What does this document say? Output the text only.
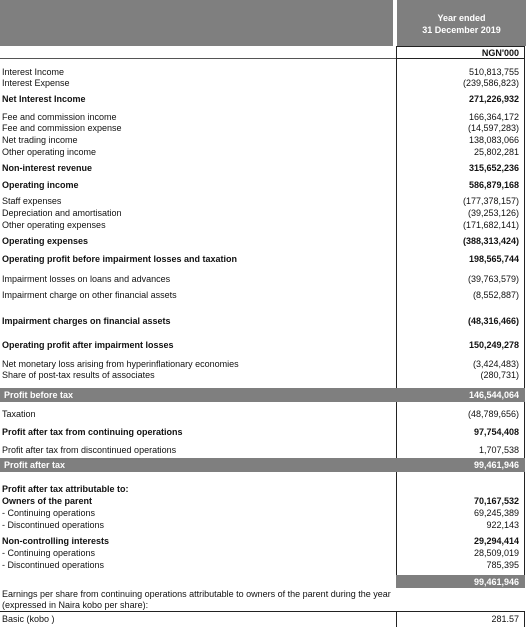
Year ended
31 December 2019
NGN'000
Interest Income	510,813,755
Interest Expense	(239,586,823)
Net Interest Income	271,226,932
Fee and commission income	166,364,172
Fee and commission expense	(14,597,283)
Net trading income	138,083,066
Other operating income	25,802,281
Non-interest revenue	315,652,236
Operating income	586,879,168
Staff expenses	(177,378,157)
Depreciation and amortisation	(39,253,126)
Other operating expenses	(171,682,141)
Operating expenses	(388,313,424)
Operating profit before impairment losses and taxation	198,565,744
Impairment losses on loans and advances	(39,763,579)
Impairment charge on other financial assets	(8,552,887)
Impairment charges on financial assets	(48,316,466)
Operating profit after impairment losses	150,249,278
Net monetary loss arising from hyperinflationary economies	(3,424,483)
Share of post-tax results of associates	(280,731)
Profit before tax	146,544,064
Taxation	(48,789,656)
Profit after tax from continuing operations	97,754,408
Profit after tax from discontinued operations	1,707,538
Profit after tax	99,461,946
Profit after tax attributable to:
Owners of the parent	70,167,532
- Continuing operations	69,245,389
- Discontinued operations	922,143
Non-controlling interests	29,294,414
- Continuing operations	28,509,019
- Discontinued operations	785,395
99,461,946
Earnings per share from continuing operations attributable to owners of the parent during the year
(expressed in Naira kobo per share):
Basic (kobo )	281.57
